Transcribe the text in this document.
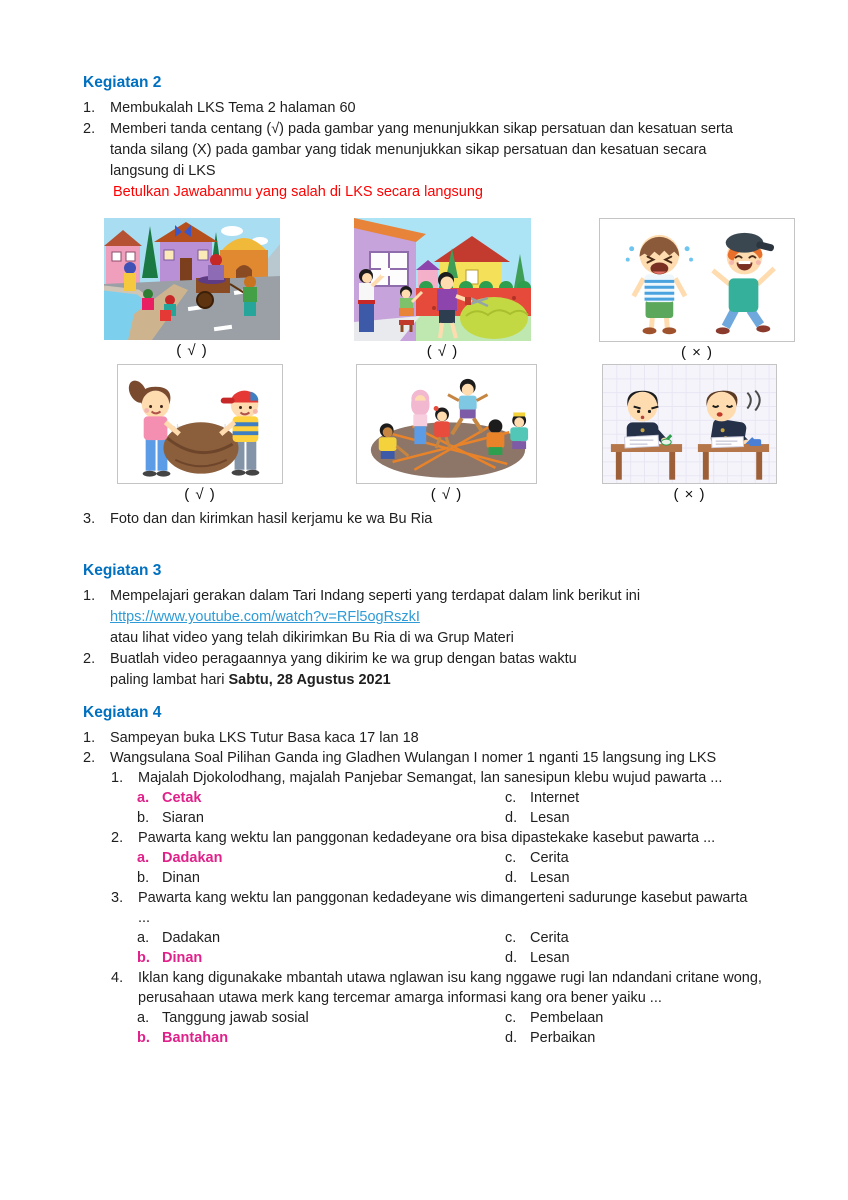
Kegiatan 2
1.	Membukalah LKS Tema 2 halaman 60
2.	Memberi tanda centang (√) pada gambar yang menunjukkan sikap persatuan dan kesatuan serta tanda silang (X) pada gambar yang tidak menunjukkan sikap persatuan dan kesatuan secara langsung di LKS
Betulkan Jawabanmu yang salah di LKS secara langsung
( √ )	( √ )	( × )
( √ )	( √ )	( × )
3.	Foto dan dan kirimkan hasil kerjamu ke wa Bu Ria
Kegiatan 3
1.	Mempelajari gerakan dalam Tari Indang seperti yang terdapat dalam link berikut ini
https://www.youtube.com/watch?v=RFl5ogRszkI
atau lihat video yang telah dikirimkan Bu Ria di wa Grup Materi
2.	Buatlah video peragaannya yang dikirim ke wa grup dengan batas waktu
paling lambat hari Sabtu, 28 Agustus 2021
Kegiatan 4
1.	Sampeyan buka LKS Tutur Basa kaca 17 lan 18
2.	Wangsulana Soal Pilihan Ganda ing Gladhen Wulangan I nomer 1 nganti 15 langsung ing LKS
1.	Majalah Djokolodhang, majalah Panjebar Semangat, lan sanesipun klebu wujud pawarta ...
a. Cetak	c. Internet
b. Siaran	d. Lesan
2.	Pawarta kang wektu lan panggonan kedadeyane ora bisa dipastekake kasebut pawarta ...
a. Dadakan	c. Cerita
b. Dinan	d. Lesan
3.	Pawarta kang wektu lan panggonan kedadeyane wis dimangerteni sadurunge kasebut pawarta
...
a. Dadakan	c. Cerita
b. Dinan	d. Lesan
4.	Iklan kang digunakake mbantah utawa nglawan isu kang nggawe rugi lan ndandani critane wong, perusahaan utawa merk kang tercemar amarga informasi kang ora bener yaiku ...
a. Tanggung jawab sosial	c. Pembelaan
b. Bantahan	d. Perbaikan
